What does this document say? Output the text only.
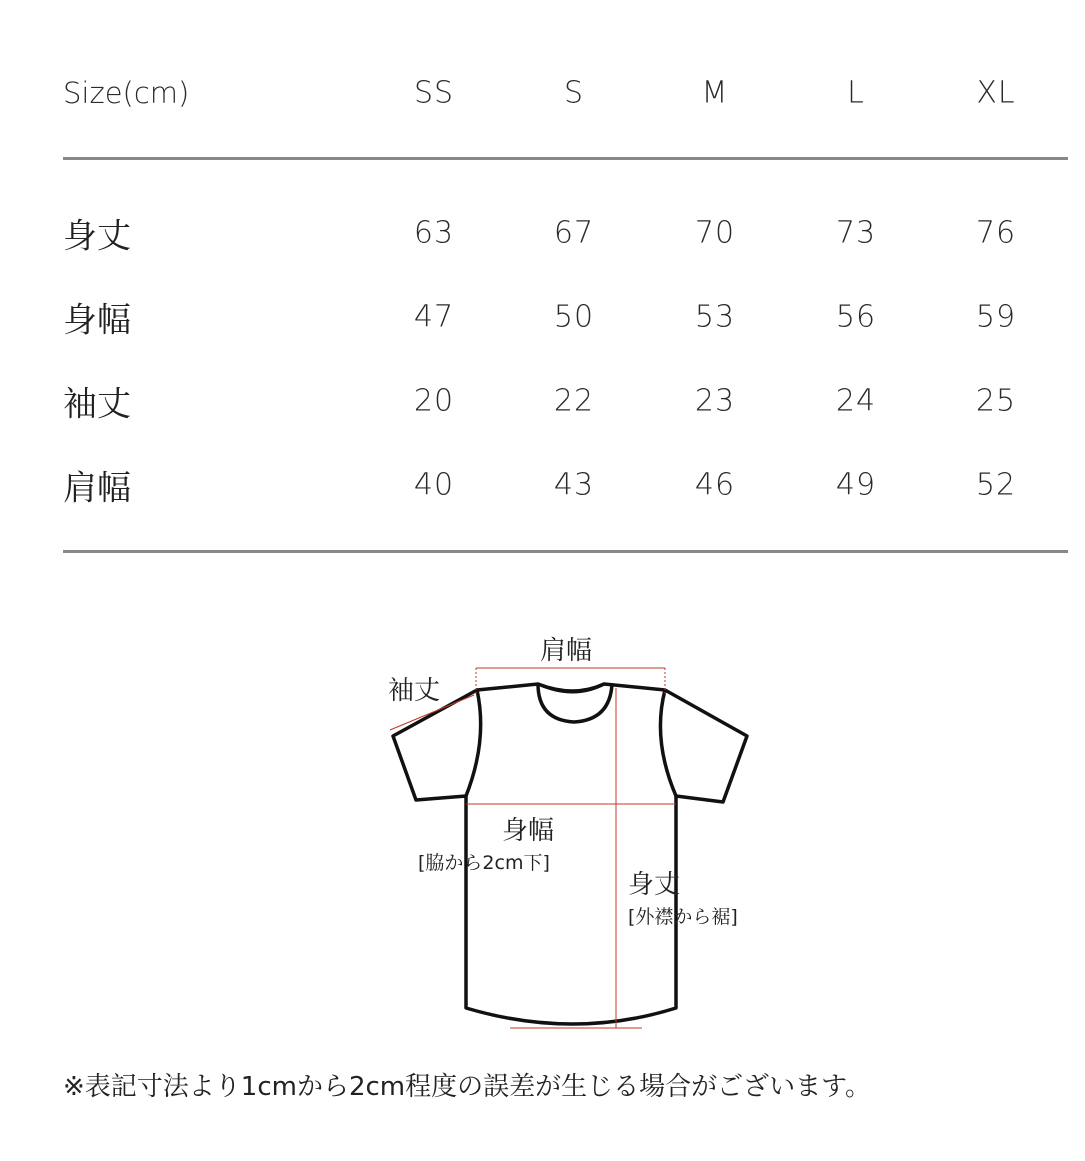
Size(cm)	SS	S	M	L	XL
身丈	63	67	70	73	76
身幅	47	50	53	56	59
袖丈	20	22	23	24	25
肩幅	40	43	46	49	52
肩幅
袖丈
身幅
[脇から2cm下]
身丈
[外襟から裾]
※表記寸法より1cmから2cm程度の誤差が生じる場合がございます。
